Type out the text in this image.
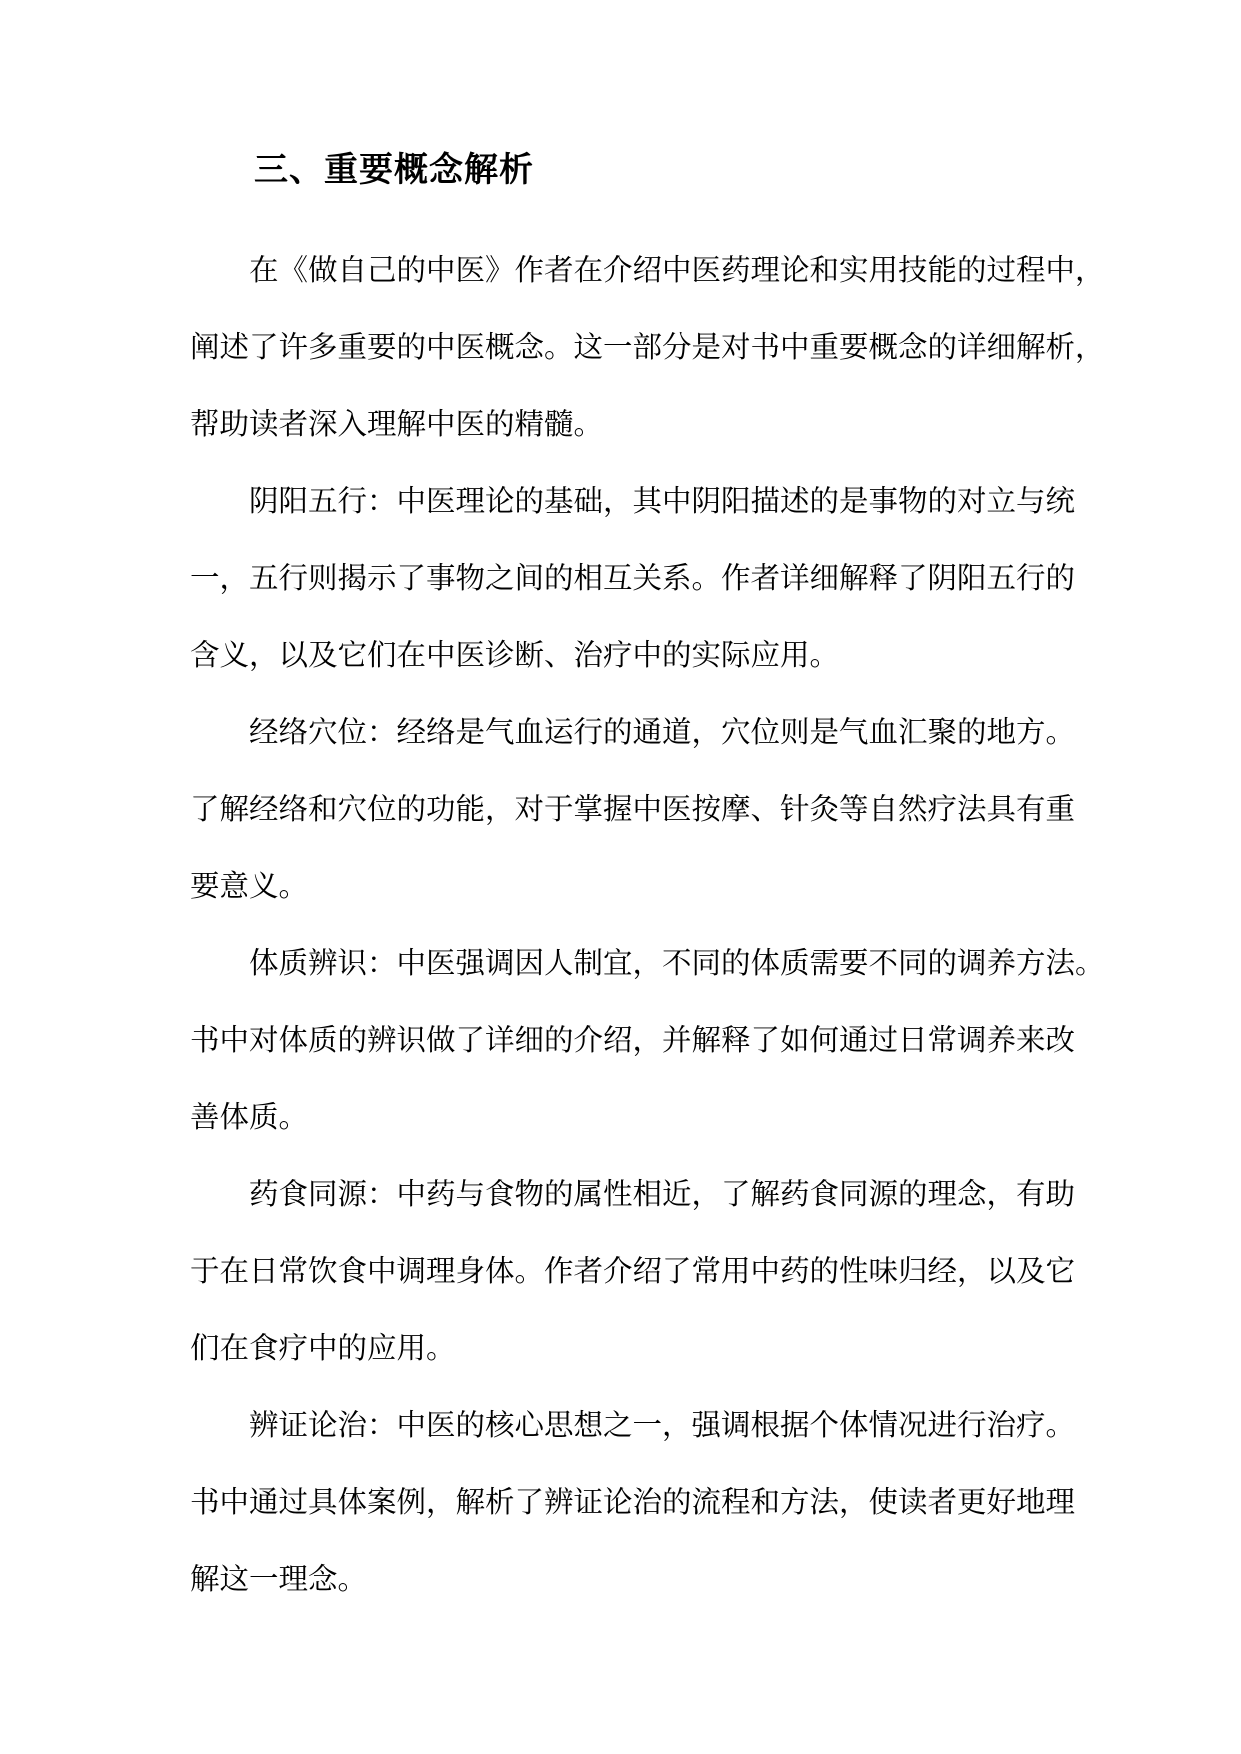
三、重要概念解析

在《做自己的中医》作者在介绍中医药理论和实用技能的过程中，
阐述了许多重要的中医概念。这一部分是对书中重要概念的详细解析，
帮助读者深入理解中医的精髓。

阴阳五行：中医理论的基础，其中阴阳描述的是事物的对立与统
一，五行则揭示了事物之间的相互关系。作者详细解释了阴阳五行的
含义，以及它们在中医诊断、治疗中的实际应用。

经络穴位：经络是气血运行的通道，穴位则是气血汇聚的地方。
了解经络和穴位的功能，对于掌握中医按摩、针灸等自然疗法具有重
要意义。

体质辨识：中医强调因人制宜，不同的体质需要不同的调养方法。
书中对体质的辨识做了详细的介绍，并解释了如何通过日常调养来改
善体质。

药食同源：中药与食物的属性相近，了解药食同源的理念，有助
于在日常饮食中调理身体。作者介绍了常用中药的性味归经，以及它
们在食疗中的应用。

辨证论治：中医的核心思想之一，强调根据个体情况进行治疗。
书中通过具体案例，解析了辨证论治的流程和方法，使读者更好地理
解这一理念。
